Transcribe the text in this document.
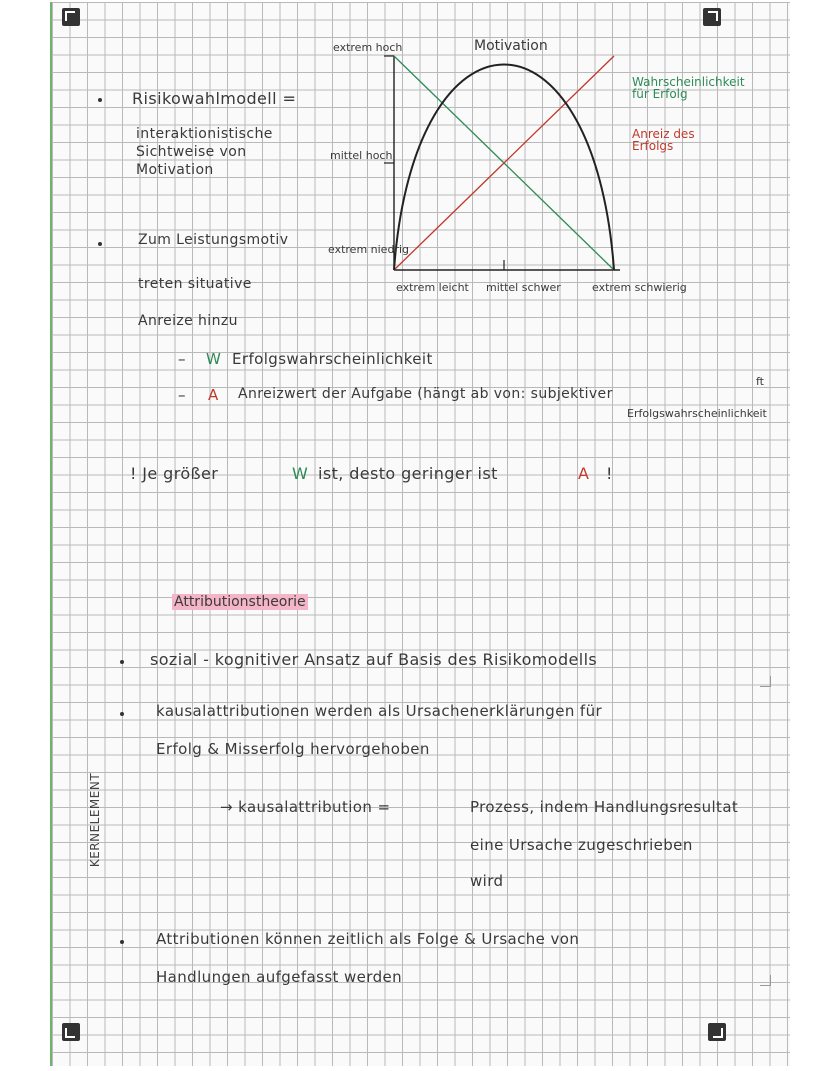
KERNELEMENT
Risikowahlmodell =
interaktionistische
Sichtweise von
Motivation
Zum Leistungsmotiv
treten situative
Anreize hinzu
extrem hoch
mittel hoch
extrem niedrig
extrem leicht mittel schwer	extrem schwierig
Motivation
Wahrscheinlichkeit für Erfolg
Anreiz des Erfolgs
– W Erfolgswahrscheinlichkeit
– A Anreizwert der Aufgabe (hängt ab von: subjektiver
Erfolgswahrscheinlichkeit
ft
! Je größer	W ist, desto geringer ist	A !
Attributionstheorie
sozial - kognitiver Ansatz auf Basis des Risikomodells
kausalattributionen werden als Ursachenerklärungen für
Erfolg & Misserfolg hervorgehoben
→ kausalattribution =	Prozess, indem Handlungsresultat
eine Ursache zugeschrieben
wird
Attributionen können zeitlich als Folge & Ursache von
Handlungen aufgefasst werden
